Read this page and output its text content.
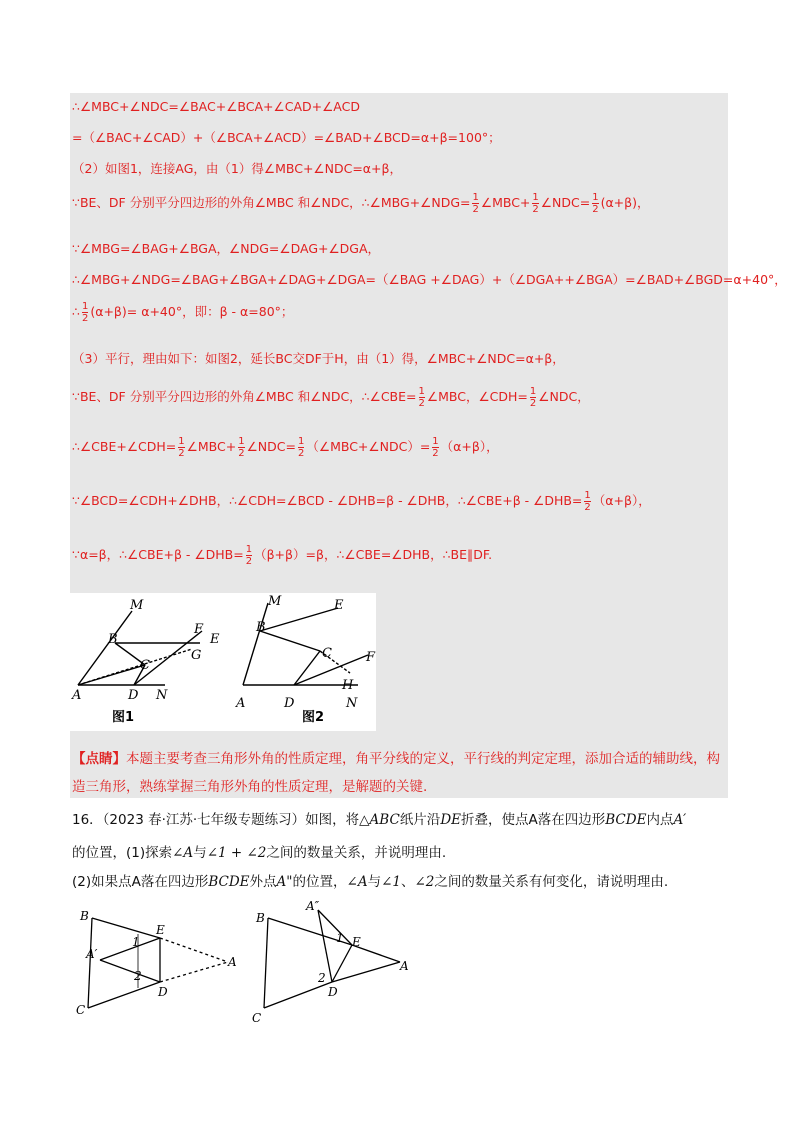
∴∠MBC+∠NDC=∠BAC+∠BCA+∠CAD+∠ACD
=（∠BAC+∠CAD）+（∠BCA+∠ACD）=∠BAD+∠BCD=α+β=100°；
（2）如图1，连接AG，由（1）得∠MBC+∠NDC=α+β，
∵BE、DF 分别平分四边形的外角∠MBC 和∠NDC，∴∠MBG+∠NDG= $\frac{1}{2}$ ∠MBC+ $\frac{1}{2}$ ∠NDC= $\frac{1}{2} (\alpha+\beta)$，
∵∠MBG=∠BAG+∠BGA，∠NDG=∠DAG+∠DGA，
∴∠MBG+∠NDG=∠BAG+∠BGA+∠DAG+∠DGA=（∠BAG +∠DAG）+（∠DGA++∠BGA）=∠BAD+∠BGD=α+40°，
∴ $\frac{1}{2} (\alpha+\beta)= \alpha+40^\circ$，即：β - α=80°；
（3）平行，理由如下：如图2，延长BC交DF于H，由（1）得，∠MBC+∠NDC=α+β，
∵BE、DF 分别平分四边形的外角∠MBC 和∠NDC，∴∠CBE= $\frac{1}{2}$ ∠MBC，∠CDH= $\frac{1}{2}$ ∠NDC，
∴∠CBE+∠CDH= $\frac{1}{2}$ ∠MBC+ $\frac{1}{2}$ ∠NDC= $\frac{1}{2}$ （∠MBC+∠NDC）= $\frac{1}{2} (\alpha+\beta)$，
∵∠BCD=∠CDH+∠DHB，∴∠CDH=∠BCD - ∠DHB=β - ∠DHB，∴∠CBE+β - ∠DHB= $\frac{1}{2} (\alpha+\beta)$，
∵α=β，∴∠CBE+β - ∠DHB= $\frac{1}{2} (\beta+\beta)=\beta$，∴∠CBE=∠DHB，∴BE∥DF.
M
B
F
E
G
C
A	D N
M	E
B
C	F
H
A	D	N
图1	图2
【点睛】本题主要考查三角形外角的性质定理，角平分线的定义，平行线的判定定理，添加合适的辅助线，构造三角形，熟练掌握三角形外角的性质定理，是解题的关键.
16．（2023 春·江苏·七年级专题练习）如图，将△ABC纸片沿DE折叠，使点A落在四边形BCDE内点A′
的位置，(1)探索∠A与∠1 + ∠2之间的数量关系，并说明理由.
(2)如果点A落在四边形BCDE外点A"的位置，∠A与∠1、∠2之间的数量关系有何变化，请说明理由.
B
E
1
A′
A
2
D
C
A″
B
1 E
A
2
D
C
